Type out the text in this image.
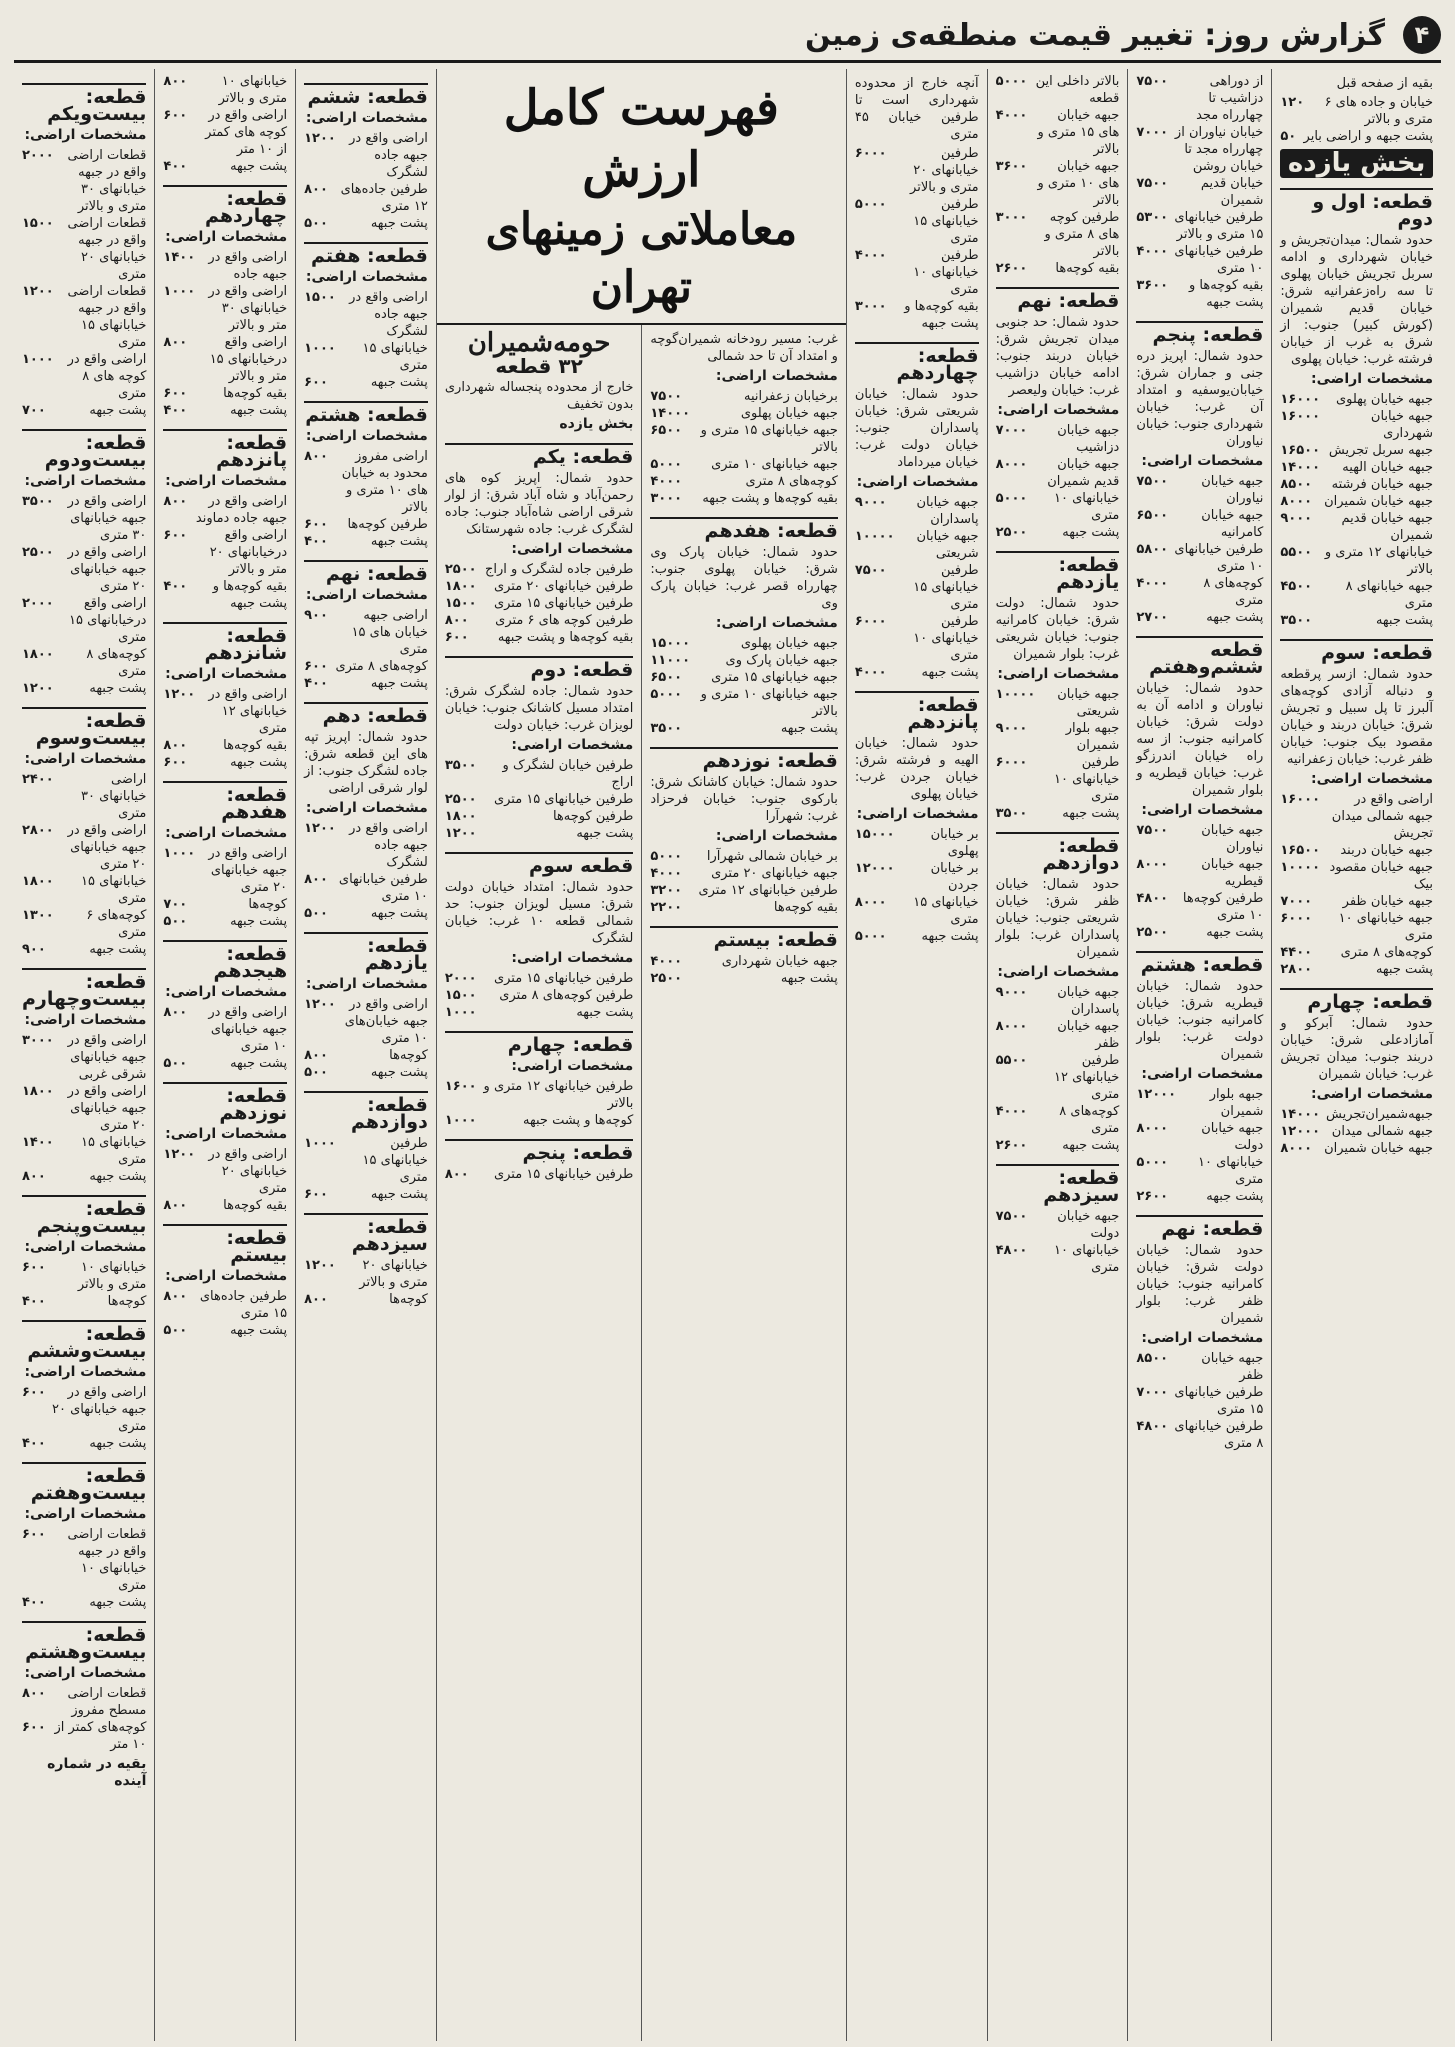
۴
گزارش روز: تغییر قیمت منطقه‌ی زمین
بقیه از صفحه قبل
خیابان و جاده های ۶ متری و بالاتر
۱۲۰
پشت جبهه و اراضی بایر
۵۰
بخش یازده
قطعه: اول و دوم
حدود شمال: میدان‌تجریش و خیابان شهرداری و ادامه سربل تجریش خیابان پهلوی تا سه راه‌زعفرانیه شرق: خیابان قدیم شمیران (کورش کبیر) جنوب: از شرق به غرب از خیابان فرشته غرب: خیابان پهلوی
مشخصات اراضی:
جبهه خیابان پهلوی
۱۶۰۰۰
جبهه خیابان شهرداری
۱۶۰۰۰
جبهه سربل تجریش
۱۶۵۰۰
جبهه خیابان الهیه
۱۴۰۰۰
جبهه خیابان فرشته
۸۵۰۰
جبهه خیابان شمیران
۸۰۰۰
جبهه خیابان قدیم شمیران
۹۰۰۰
خیابانهای ۱۲ متری و بالاتر
۵۵۰۰
جبهه خیابانهای ۸ متری
۴۵۰۰
پشت جبهه
۳۵۰۰
قطعه: سوم
حدود شمال: ازسر پرقطعه و دنباله آزادی کوچه‌های آلبرز تا پل سبیل و تجریش شرق: خیابان دربند و خیابان مقصود بیک جنوب: خیابان ظفر غرب: خیابان زعفرانیه
مشخصات اراضی:
اراضی واقع در جبهه شمالی میدان تجریش
۱۶۰۰۰
جبهه خیابان دربند
۱۶۵۰۰
جبهه خیابان مقصود بیک
۱۰۰۰۰
جبهه خیابان ظفر
۷۰۰۰
جبهه خیابانهای ۱۰ متری
۶۰۰۰
کوچه‌های ۸ متری
۴۴۰۰
پشت جبهه
۲۸۰۰
قطعه: چهارم
حدود شمال: آبرکو و آمازادعلی شرق: خیابان دربند جنوب: میدان تجریش غرب: خیابان شمیران
مشخصات اراضی:
جبهه‌شمیران‌تجریش
۱۴۰۰۰
جبهه شمالی میدان
۱۲۰۰۰
جبهه خیابان شمیران
۸۰۰۰
از دوراهی دزاشیب تا چهارراه مجد
۷۵۰۰
خیابان نیاوران از چهارراه مجد تا خیابان روشن
۷۰۰۰
خیابان قدیم شمیران
۷۵۰۰
طرفین خیابانهای ۱۵ متری و بالاتر
۵۳۰۰
طرفین خیابانهای ۱۰ متری
۴۰۰۰
بقیه کوچه‌ها و پشت جبهه
۳۶۰۰
قطعه: پنجم
حدود شمال: اپریز دره جنی و جماران شرق: خیابان‌یوسفیه و امتداد آن غرب: خیابان شهرداری جنوب: خیابان نیاوران
مشخصات اراضی:
جبهه خیابان نیاوران
۷۵۰۰
جبهه خیابان کامرانیه
۶۵۰۰
طرفین خیابانهای ۱۰ متری
۵۸۰۰
کوچه‌های ۸ متری
۴۰۰۰
پشت جبهه
۲۷۰۰
قطعه ششم‌و‌هفتم
حدود شمال: خیابان نیاوران و ادامه آن به دولت شرق: خیابان کامرانیه جنوب: از سه راه خیابان اندرزگو غرب: خیابان قیطریه و بلوار شمیران
مشخصات اراضی:
جبهه خیابان نیاوران
۷۵۰۰
جبهه خیابان قیطریه
۸۰۰۰
طرفین کوچه‌ها ۱۰ متری
۴۸۰۰
پشت جبهه
۲۵۰۰
قطعه: هشتم
حدود شمال: خیابان قیطریه شرق: خیابان کامرانیه جنوب: خیابان دولت غرب: بلوار شمیران
مشخصات اراضی:
جبهه بلوار شمیران
۱۲۰۰۰
جبهه خیابان دولت
۸۰۰۰
خیابانهای ۱۰ متری
۵۰۰۰
پشت جبهه
۲۶۰۰
قطعه: نهم
حدود شمال: خیابان دولت شرق: خیابان کامرانیه جنوب: خیابان ظفر غرب: بلوار شمیران
مشخصات اراضی:
جبهه خیابان ظفر
۸۵۰۰
طرفین خیابانهای ۱۵ متری
۷۰۰۰
طرفین خیابانهای ۸ متری
۴۸۰۰
بالاتر داخلی این قطعه
۵۰۰۰
جبهه خیابان های ۱۵ متری و بالاتر
۴۰۰۰
جبهه خیابان های ۱۰ متری و بالاتر
۳۶۰۰
طرفین کوچه های ۸ متری و بالاتر
۳۰۰۰
بقیه کوچه‌ها
۲۶۰۰
قطعه: نهم
حدود شمال: حد جنوبی میدان تجریش شرق: خیابان دربند جنوب: ادامه خیابان دزاشیب غرب: خیابان ولیعصر
مشخصات اراضی:
جبهه خیابان دزاشیب
۷۰۰۰
جبهه خیابان قدیم شمیران
۸۰۰۰
خیابانهای ۱۰ متری
۵۰۰۰
پشت جبهه
۲۵۰۰
قطعه: یازدهم
حدود شمال: دولت شرق: خیابان کامرانیه جنوب: خیابان شریعتی غرب: بلوار شمیران
مشخصات اراضی:
جبهه خیابان شریعتی
۱۰۰۰۰
جبهه بلوار شمیران
۹۰۰۰
طرفین خیابانهای ۱۰ متری
۶۰۰۰
پشت جبهه
۳۵۰۰
قطعه: دوازدهم
حدود شمال: خیابان ظفر شرق: خیابان شریعتی جنوب: خیابان پاسداران غرب: بلوار شمیران
مشخصات اراضی:
جبهه خیابان پاسداران
۹۰۰۰
جبهه خیابان ظفر
۸۰۰۰
طرفین خیابانهای ۱۲ متری
۵۵۰۰
کوچه‌های ۸ متری
۴۰۰۰
پشت جبهه
۲۶۰۰
قطعه: سیزدهم
جبهه خیابان دولت
۷۵۰۰
خیابانهای ۱۰ متری
۴۸۰۰
آنچه خارج از محدوده شهرداری است تا طرفین خیابان ۴۵ متری
طرفین خیابانهای ۲۰ متری و بالاتر
۶۰۰۰
طرفین خیابانهای ۱۵ متری
۵۰۰۰
طرفین خیابانهای ۱۰ متری
۴۰۰۰
بقیه کوچه‌ها و پشت جبهه
۳۰۰۰
قطعه: چهاردهم
حدود شمال: خیابان شریعتی شرق: خیابان پاسداران جنوب: خیابان دولت غرب: خیابان میرداماد
مشخصات اراضی:
جبهه خیابان پاسداران
۹۰۰۰
جبهه خیابان شریعتی
۱۰۰۰۰
طرفین خیابانهای ۱۵ متری
۷۵۰۰
طرفین خیابانهای ۱۰ متری
۶۰۰۰
پشت جبهه
۴۰۰۰
قطعه: پانزدهم
حدود شمال: خیابان الهیه و فرشته شرق: خیابان جردن غرب: خیابان پهلوی
مشخصات اراضی:
بر خیابان پهلوی
۱۵۰۰۰
بر خیابان جردن
۱۲۰۰۰
خیابانهای ۱۵ متری
۸۰۰۰
پشت جبهه
۵۰۰۰
فهرست کامل ارزش
معاملاتی زمینهای تهران
غرب: مسیر رودخانه شمیران‌گوچه و امتداد آن تا حد شمالی
مشخصات اراضی:
برخیابان زعفرانیه
۷۵۰۰
جبهه خیابان پهلوی
۱۴۰۰۰
جبهه خیابانهای ۱۵ متری و بالاتر
۶۵۰۰
جبهه خیابانهای ۱۰ متری
۵۰۰۰
کوچه‌های ۸ متری
۴۰۰۰
بقیه کوچه‌ها و پشت جبهه
۳۰۰۰
قطعه: هفدهم
حدود شمال: خیابان پارک وی شرق: خیابان پهلوی جنوب: چهارراه قصر غرب: خیابان پارک وی
مشخصات اراضی:
جبهه خیابان پهلوی
۱۵۰۰۰
جبهه خیابان پارک وی
۱۱۰۰۰
جبهه خیابانهای ۱۵ متری
۶۵۰۰
جبهه خیابانهای ۱۰ متری و بالاتر
۵۰۰۰
پشت جبهه
۳۵۰۰
قطعه: نوزدهم
حدود شمال: خیابان کاشانک شرق: بارکوی جنوب: خیابان فرحزاد غرب: شهرآرا
مشخصات اراضی:
بر خیابان شمالی شهرآرا
۵۰۰۰
جبهه خیابانهای ۲۰ متری
۴۰۰۰
طرفین خیابانهای ۱۲ متری
۳۲۰۰
بقیه کوچه‌ها
۲۲۰۰
قطعه: بیستم
جبهه خیابان شهرداری
۴۰۰۰
پشت جبهه
۲۵۰۰
حومه‌شمیران
۳۲ قطعه
خارج از محدوده پنجساله شهرداری بدون تخفیف
بخش یازده
قطعه: یکم
حدود شمال: اپریز کوه های رحمن‌آباد و شاه آباد شرق: از لوار شرقی اراضی شاه‌آباد جنوب: جاده لشگرک غرب: جاده شهرستانک
مشخصات اراضی:
طرفین جاده لشگرک و اراج
۲۵۰۰
طرفین خیابانهای ۲۰ متری
۱۸۰۰
طرفین خیابانهای ۱۵ متری
۱۵۰۰
طرفین کوچه های ۶ متری
۸۰۰
بقیه کوچه‌ها و پشت جبهه
۶۰۰
قطعه: دوم
حدود شمال: جاده لشگرک شرق: امتداد مسیل کاشانک جنوب: خیابان لویزان غرب: خیابان دولت
مشخصات اراضی:
طرفین خیابان لشگرک و اراج
۳۵۰۰
طرفین خیابانهای ۱۵ متری
۲۵۰۰
طرفین کوچه‌ها
۱۸۰۰
پشت جبهه
۱۲۰۰
قطعه سوم
حدود شمال: امتداد خیابان دولت شرق: مسیل لویزان جنوب: حد شمالی قطعه ۱۰ غرب: خیابان لشگرک
مشخصات اراضی:
طرفین خیابانهای ۱۵ متری
۲۰۰۰
طرفین کوچه‌های ۸ متری
۱۵۰۰
پشت جبهه
۱۰۰۰
قطعه: چهارم
مشخصات اراضی:
طرفین خیابانهای ۱۲ متری و بالاتر
۱۶۰۰
کوچه‌ها و پشت جبهه
۱۰۰۰
قطعه: پنجم
طرفین خیابانهای ۱۵ متری
۸۰۰
قطعه: ششم
مشخصات اراضی:
اراضی واقع در جبهه جاده لشگرک
۱۲۰۰
طرفین جاده‌های ۱۲ متری
۸۰۰
پشت جبهه
۵۰۰
قطعه: هفتم
مشخصات اراضی:
اراضی واقع در جبهه جاده لشگرک
۱۵۰۰
خیابانهای ۱۵ متری
۱۰۰۰
پشت جبهه
۶۰۰
قطعه: هشتم
مشخصات اراضی:
اراضی مفروز محدود به خیابان های ۱۰ متری و بالاتر
۸۰۰
طرفین کوچه‌ها
۶۰۰
پشت جبهه
۴۰۰
قطعه: نهم
مشخصات اراضی:
اراضی جبهه خیابان های ۱۵ متری
۹۰۰
کوچه‌های ۸ متری
۶۰۰
پشت جبهه
۴۰۰
قطعه: دهم
حدود شمال: اپریز تپه های این قطعه شرق: جاده لشگرک جنوب: از لوار شرقی اراضی
مشخصات اراضی:
اراضی واقع در جبهه جاده لشگرک
۱۲۰۰
طرفین خیابانهای ۱۰ متری
۸۰۰
پشت جبهه
۵۰۰
قطعه: یازدهم
مشخصات اراضی:
اراضی واقع در جبهه خیابان‌های ۱۰ متری
۱۲۰۰
کوچه‌ها
۸۰۰
پشت جبهه
۵۰۰
قطعه: دوازدهم
طرفین خیابانهای ۱۵ متری
۱۰۰۰
پشت جبهه
۶۰۰
قطعه: سیزدهم
خیابانهای ۲۰ متری و بالاتر
۱۲۰۰
کوچه‌ها
۸۰۰
خیابانهای ۱۰ متری و بالاتر
۸۰۰
اراضی واقع در کوچه های کمتر از ۱۰ متر
۶۰۰
پشت جبهه
۴۰۰
قطعه: چهاردهم
مشخصات اراضی:
اراضی واقع در جبهه جاده
۱۴۰۰
اراضی واقع در خیابانهای ۳۰ متر و بالاتر
۱۰۰۰
اراضی واقع درخیابانهای ۱۵ متر و بالاتر
۸۰۰
بقیه کوچه‌ها
۶۰۰
پشت جبهه
۴۰۰
قطعه: پانزدهم
مشخصات اراضی:
اراضی واقع در جبهه جاده دماوند
۸۰۰
اراضی واقع درخیابانهای ۲۰ متر و بالاتر
۶۰۰
بقیه کوچه‌ها و پشت جبهه
۴۰۰
قطعه: شانزدهم
مشخصات اراضی:
اراضی واقع در خیابانهای ۱۲ متری
۱۲۰۰
بقیه کوچه‌ها
۸۰۰
پشت جبهه
۶۰۰
قطعه: هفدهم
مشخصات اراضی:
اراضی واقع در جبهه خیابانهای ۲۰ متری
۱۰۰۰
کوچه‌ها
۷۰۰
پشت جبهه
۵۰۰
قطعه: هیجدهم
مشخصات اراضی:
اراضی واقع در جبهه خیابانهای ۱۰ متری
۸۰۰
پشت جبهه
۵۰۰
قطعه: نوزدهم
مشخصات اراضی:
اراضی واقع در خیابانهای ۲۰ متری
۱۲۰۰
بقیه کوچه‌ها
۸۰۰
قطعه: بیستم
مشخصات اراضی:
طرفین جاده‌های ۱۵ متری
۸۰۰
پشت جبهه
۵۰۰
قطعه: بیست‌ویکم
مشخصات اراضی:
قطعات اراضی واقع در جبهه خیابانهای ۳۰ متری و بالاتر
۲۰۰۰
قطعات اراضی واقع در جبهه خیابانهای ۲۰ متری
۱۵۰۰
قطعات اراضی واقع در جبهه خیابانهای ۱۵ متری
۱۲۰۰
اراضی واقع در کوچه های ۸ متری
۱۰۰۰
پشت جبهه
۷۰۰
قطعه: بیست‌ودوم
مشخصات اراضی:
اراضی واقع در جبهه خیابانهای ۳۰ متری
۳۵۰۰
اراضی واقع در جبهه خیابانهای ۲۰ متری
۲۵۰۰
اراضی واقع درخیابانهای ۱۵ متری
۲۰۰۰
کوچه‌های ۸ متری
۱۸۰۰
پشت جبهه
۱۲۰۰
قطعه: بیست‌وسوم
مشخصات اراضی:
اراضی خیابانهای ۳۰ متری
۲۴۰۰
اراضی واقع در جبهه خیابانهای ۲۰ متری
۲۸۰۰
خیابانهای ۱۵ متری
۱۸۰۰
کوچه‌های ۶ متری
۱۳۰۰
پشت جبهه
۹۰۰
قطعه: بیست‌وچهارم
مشخصات اراضی:
اراضی واقع در جبهه خیابانهای شرقی غربی
۳۰۰۰
اراضی واقع در جبهه خیابانهای ۲۰ متری
۱۸۰۰
خیابانهای ۱۵ متری
۱۴۰۰
پشت جبهه
۸۰۰
قطعه: بیست‌وپنجم
مشخصات اراضی:
خیابانهای ۱۰ متری و بالاتر
۶۰۰
کوچه‌ها
۴۰۰
قطعه: بیست‌وششم
مشخصات اراضی:
اراضی واقع در جبهه خیابانهای ۲۰ متری
۶۰۰
پشت جبهه
۴۰۰
قطعه: بیست‌وهفتم
مشخصات اراضی:
قطعات اراضی واقع در جبهه خیابانهای ۱۰ متری
۶۰۰
پشت جبهه
۴۰۰
قطعه: بیست‌وهشتم
مشخصات اراضی:
قطعات اراضی مسطح مفروز
۸۰۰
کوچه‌های کمتر از ۱۰ متر
۶۰۰
بقیه در شماره آینده
